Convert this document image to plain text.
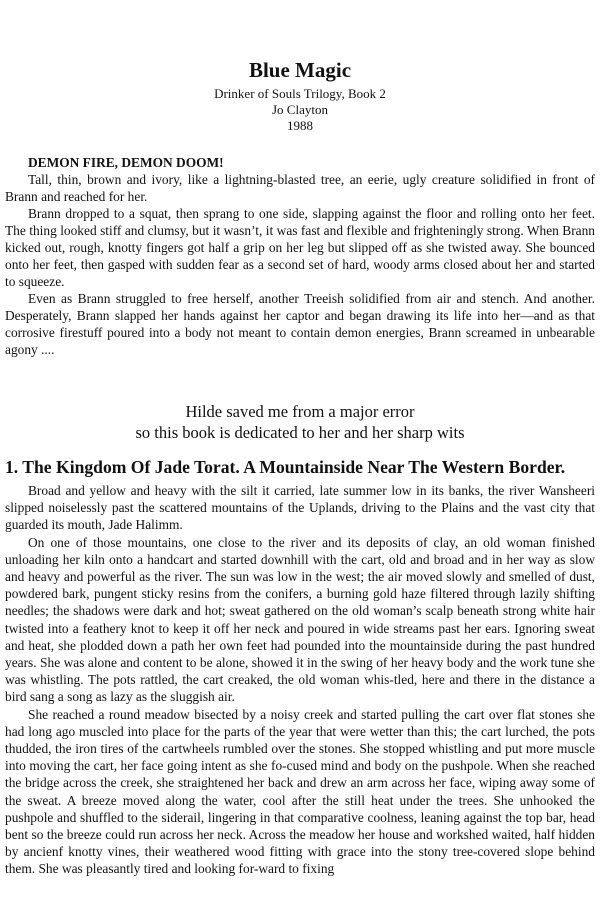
Blue Magic
Drinker of Souls Trilogy, Book 2
Jo Clayton
1988
DEMON FIRE, DEMON DOOM!

Tall, thin, brown and ivory, like a lightning-blasted tree, an eerie, ugly creature solidified in front of Brann and reached for her.

Brann dropped to a squat, then sprang to one side, slapping against the floor and rolling onto her feet. The thing looked stiff and clumsy, but it wasn’t, it was fast and flexible and frighteningly strong. When Brann kicked out, rough, knotty fingers got half a grip on her leg but slipped off as she twisted away. She bounced onto her feet, then gasped with sudden fear as a second set of hard, woody arms closed about her and started to squeeze.

Even as Brann struggled to free herself, another Treeish solidified from air and stench. And another. Desperately, Brann slapped her hands against her captor and began drawing its life into her—and as that corrosive firestuff poured into a body not meant to contain demon energies, Brann screamed in unbearable agony ....

Hilde saved me from a major error
so this book is dedicated to her and her sharp wits
1. The Kingdom Of Jade Torat. A Mountainside Near The Western Border.

Broad and yellow and heavy with the silt it carried, late summer low in its banks, the river Wansheeri slipped noiselessly past the scattered mountains of the Uplands, driving to the Plains and the vast city that guarded its mouth, Jade Halimm.

On one of those mountains, one close to the river and its deposits of clay, an old woman finished unloading her kiln onto a handcart and started downhill with the cart, old and broad and in her way as slow and heavy and powerful as the river. The sun was low in the west; the air moved slowly and smelled of dust, powdered bark, pungent sticky resins from the conifers, a burning gold haze filtered through lazily shifting needles; the shadows were dark and hot; sweat gathered on the old woman’s scalp beneath strong white hair twisted into a feathery knot to keep it off her neck and poured in wide streams past her ears. Ignoring sweat and heat, she plodded down a path her own feet had pounded into the mountainside during the past hundred years. She was alone and content to be alone, showed it in the swing of her heavy body and the work tune she was whistling. The pots rattled, the cart creaked, the old woman whis-tled, here and there in the distance a bird sang a song as lazy as the sluggish air.

She reached a round meadow bisected by a noisy creek and started pulling the cart over flat stones she had long ago muscled into place for the parts of the year that were wetter than this; the cart lurched, the pots thudded, the iron tires of the cartwheels rumbled over the stones. She stopped whistling and put more muscle into moving the cart, her face going intent as she fo-cused mind and body on the pushpole. When she reached the bridge across the creek, she straightened her back and drew an arm across her face, wiping away some of the sweat. A breeze moved along the water, cool after the still heat under the trees. She unhooked the pushpole and shuffled to the siderail, lingering in that comparative coolness, leaning against the top bar, head bent so the breeze could run across her neck. Across the meadow her house and workshed waited, half hidden by ancienf knotty vines, their weathered wood fitting with grace into the stony tree-covered slope behind them. She was pleasantly tired and looking for-ward to fixing
